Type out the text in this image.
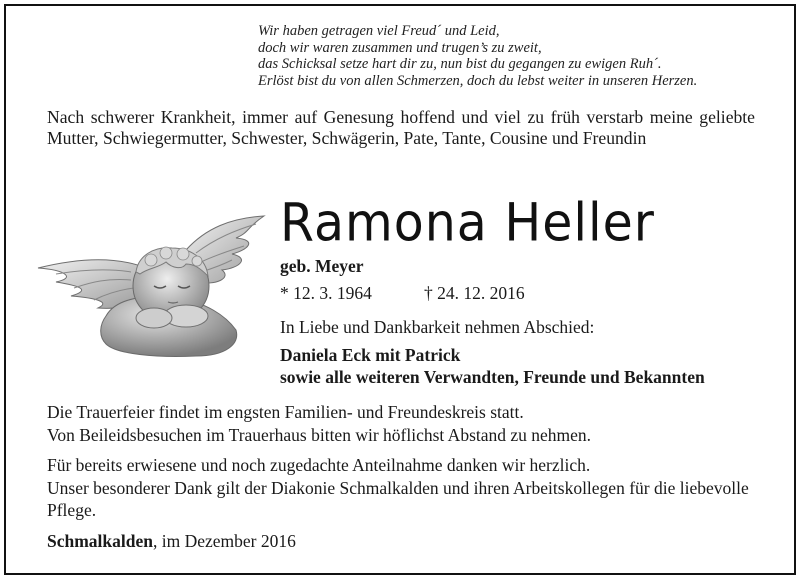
Wir haben getragen viel Freud´ und Leid,
doch wir waren zusammen und trugen’s zu zweit,
das Schicksal setze hart dir zu, nun bist du gegangen zu ewigen Ruh´.
Erlöst bist du von allen Schmerzen, doch du lebst weiter in unseren Herzen.
Nach schwerer Krankheit, immer auf Genesung hoffend und viel zu früh verstarb meine geliebte Mutter, Schwiegermutter, Schwester, Schwägerin, Pate, Tante, Cousine und Freundin
Ramona Heller
geb. Meyer
* 12. 3. 1964	† 24. 12. 2016
In Liebe und Dankbarkeit nehmen Abschied:
Daniela Eck mit Patrick
sowie alle weiteren Verwandten, Freunde und Bekannten
Die Trauerfeier findet im engsten Familien- und Freundeskreis statt.
Von Beileidsbesuchen im Trauerhaus bitten wir höflichst Abstand zu nehmen.
Für bereits erwiesene und noch zugedachte Anteilnahme danken wir herzlich.
Unser besonderer Dank gilt der Diakonie Schmalkalden und ihren Arbeitskollegen für die liebevolle Pflege.
Schmalkalden, im Dezember 2016
